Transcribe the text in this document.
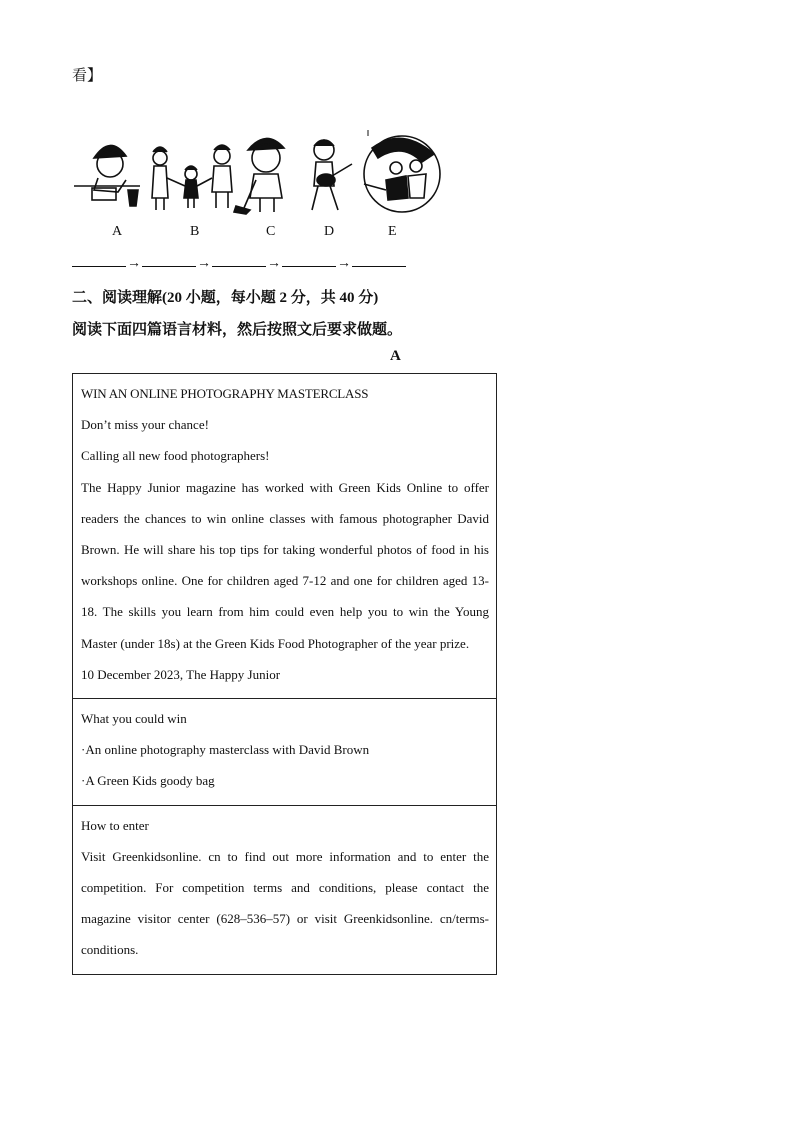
看】
A	B	C	D	E
→	→	→	→
二、阅读理解(20 小题，每小题 2 分，共 40 分)
阅读下面四篇语言材料，然后按照文后要求做题。
A
WIN AN ONLINE PHOTOGRAPHY MASTERCLASS
Don’t miss your chance!
Calling all new food photographers!
The Happy Junior magazine has worked with Green Kids Online to offer readers the chances to win online classes with famous photographer David Brown. He will share his top tips for taking wonderful photos of food in his workshops online. One for children aged 7-12 and one for children aged 13-18. The skills you learn from him could even help you to win the Young Master (under 18s) at the Green Kids Food Photographer of the year prize.
10 December 2023, The Happy Junior
What you could win
·An online photography masterclass with David Brown
·A Green Kids goody bag
How to enter
Visit Greenkidsonline. cn to find out more information and to enter the competition. For competition terms and conditions, please contact the magazine visitor center (628–536–57) or visit Greenkidsonline. cn/terms-conditions.
